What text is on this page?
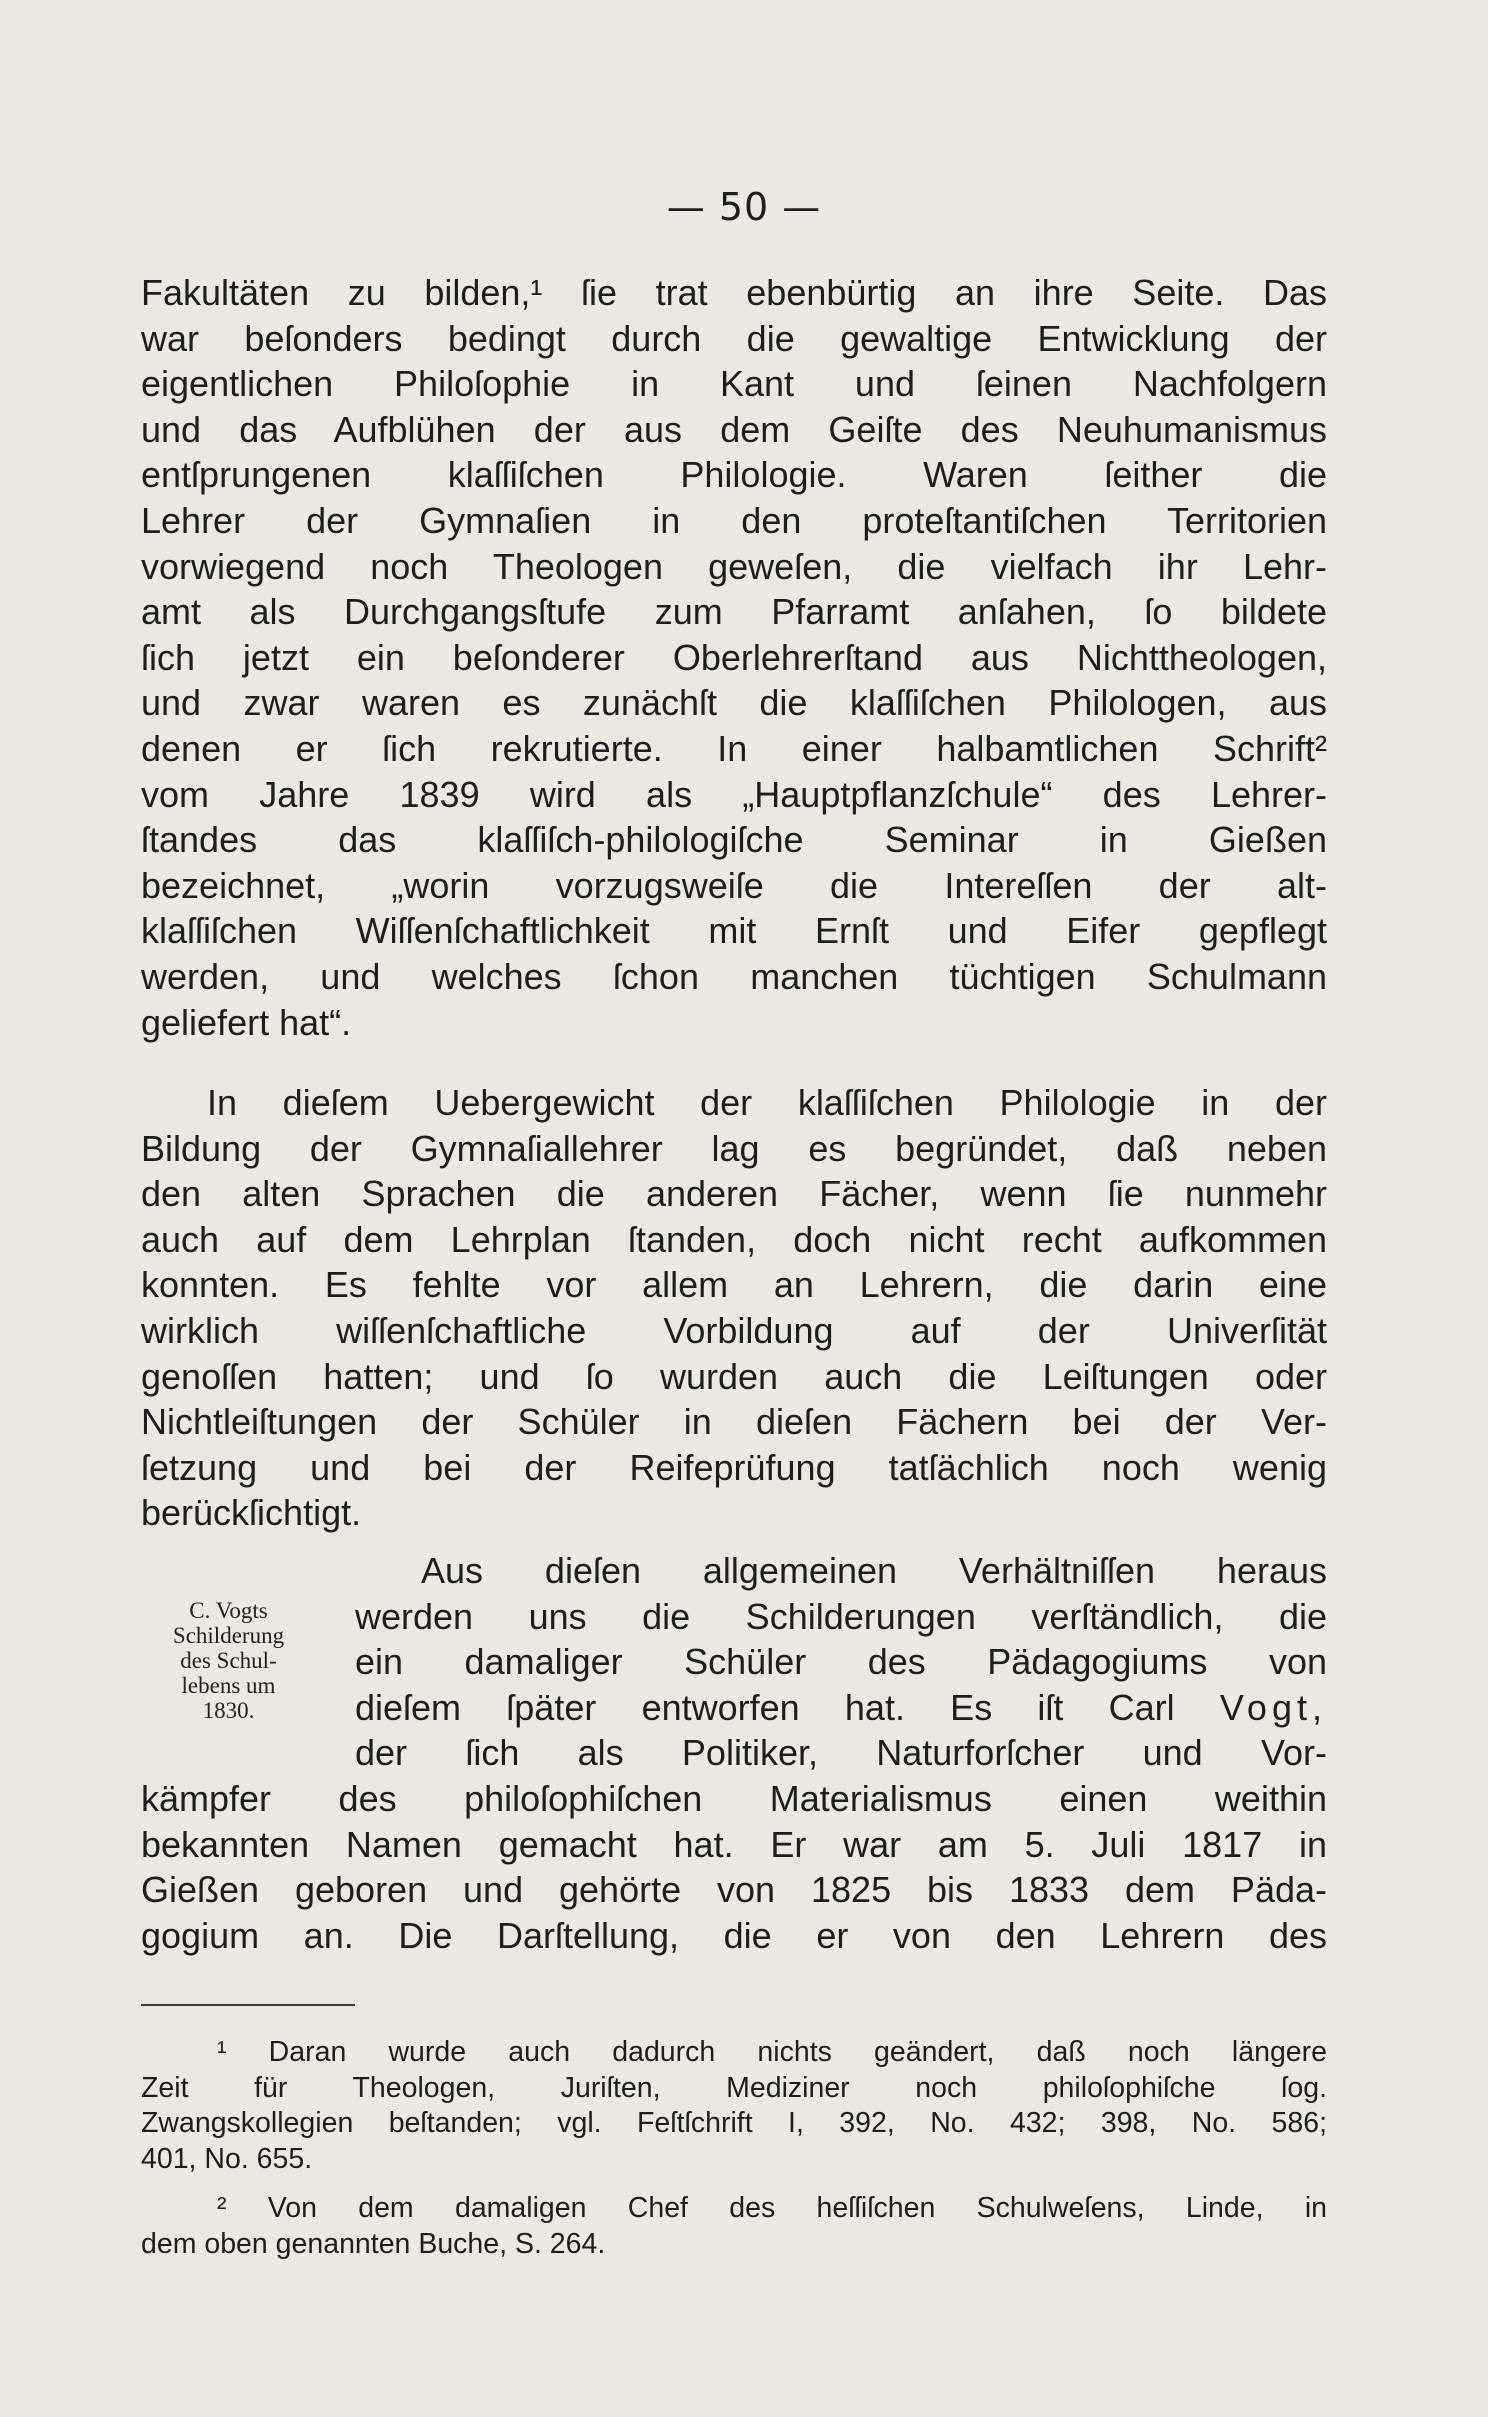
— 50 —
Fakultäten zu bilden,¹ ſie trat ebenbürtig an ihre Seite. Das
war beſonders bedingt durch die gewaltige Entwicklung der
eigentlichen Philoſophie in Kant und ſeinen Nachfolgern
und das Aufblühen der aus dem Geiſte des Neuhumanismus
entſprungenen klaſſiſchen Philologie. Waren ſeither die
Lehrer der Gymnaſien in den proteſtantiſchen Territorien
vorwiegend noch Theologen geweſen, die vielfach ihr Lehr-
amt als Durchgangsſtufe zum Pfarramt anſahen, ſo bildete
ſich jetzt ein beſonderer Oberlehrerſtand aus Nichttheologen,
und zwar waren es zunächſt die klaſſiſchen Philologen, aus
denen er ſich rekrutierte. In einer halbamtlichen Schrift²
vom Jahre 1839 wird als „Hauptpflanzſchule“ des Lehrer-
ſtandes das klaſſiſch-philologiſche Seminar in Gießen
bezeichnet, „worin vorzugsweiſe die Intereſſen der alt-
klaſſiſchen Wiſſenſchaftlichkeit mit Ernſt und Eifer gepflegt
werden, und welches ſchon manchen tüchtigen Schulmann
geliefert hat“.
In dieſem Uebergewicht der klaſſiſchen Philologie in der
Bildung der Gymnaſiallehrer lag es begründet, daß neben
den alten Sprachen die anderen Fächer, wenn ſie nunmehr
auch auf dem Lehrplan ſtanden, doch nicht recht aufkommen
konnten. Es fehlte vor allem an Lehrern, die darin eine
wirklich wiſſenſchaftliche Vorbildung auf der Univerſität
genoſſen hatten; und ſo wurden auch die Leiſtungen oder
Nichtleiſtungen der Schüler in dieſen Fächern bei der Ver-
ſetzung und bei der Reifeprüfung tatſächlich noch wenig
berückſichtigt.
C. Vogts
Schilderung
des Schul-
lebens um
1830.
Aus dieſen allgemeinen Verhältniſſen heraus
werden uns die Schilderungen verſtändlich, die
ein damaliger Schüler des Pädagogiums von
dieſem ſpäter entworfen hat. Es iſt Carl Vogt,
der ſich als Politiker, Naturforſcher und Vor-
kämpfer des philoſophiſchen Materialismus einen weithin
bekannten Namen gemacht hat. Er war am 5. Juli 1817 in
Gießen geboren und gehörte von 1825 bis 1833 dem Päda-
gogium an. Die Darſtellung, die er von den Lehrern des
¹ Daran wurde auch dadurch nichts geändert, daß noch längere
Zeit für Theologen, Juriſten, Mediziner noch philoſophiſche ſog.
Zwangskollegien beſtanden; vgl. Feſtſchrift I, 392, No. 432; 398, No. 586;
401, No. 655.
² Von dem damaligen Chef des heſſiſchen Schulweſens, Linde, in
dem oben genannten Buche, S. 264.
